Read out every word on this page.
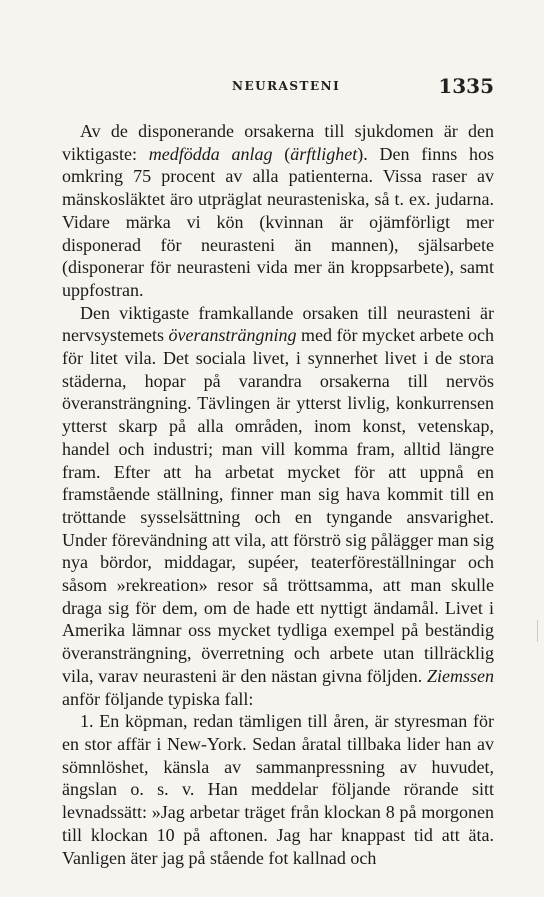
NEURASTENI	1335

Av de disponerande orsakerna till sjukdomen är den viktigaste: medfödda anlag (ärftlighet). Den finns hos omkring 75 procent av alla patienterna. Vissa raser av mänskosläktet äro utpräglat neurasteniska, så t. ex. judarna. Vidare märka vi kön (kvinnan är ojämförligt mer disponerad för neurasteni än mannen), själsarbete (disponerar för neurasteni vida mer än kroppsarbete), samt uppfostran.

Den viktigaste framkallande orsaken till neurasteni är nervsystemets överansträngning med för mycket arbete och för litet vila. Det sociala livet, i synnerhet livet i de stora städerna, hopar på varandra orsakerna till nervös överansträngning. Tävlingen är ytterst livlig, konkurrensen ytterst skarp på alla områden, inom konst, vetenskap, handel och industri; man vill komma fram, alltid längre fram. Efter att ha arbetat mycket för att uppnå en framstående ställning, finner man sig hava kommit till en tröttande sysselsättning och en tyngande ansvarighet. Under förevändning att vila, att förströ sig pålägger man sig nya bördor, middagar, supéer, teaterföreställningar och såsom »rekreation» resor så tröttsamma, att man skulle draga sig för dem, om de hade ett nyttigt ändamål. Livet i Amerika lämnar oss mycket tydliga exempel på beständig överansträngning, överretning och arbete utan tillräcklig vila, varav neurasteni är den nästan givna följden. Ziemssen anför följande typiska fall:

1. En köpman, redan tämligen till åren, är styresman för en stor affär i New-York. Sedan åratal tillbaka lider han av sömnlöshet, känsla av sammanpressning av huvudet, ängslan o. s. v. Han meddelar följande rörande sitt levnadssätt: »Jag arbetar träget från klockan 8 på morgonen till klockan 10 på aftonen. Jag har knappast tid att äta. Vanligen äter jag på stående fot kallnad och
